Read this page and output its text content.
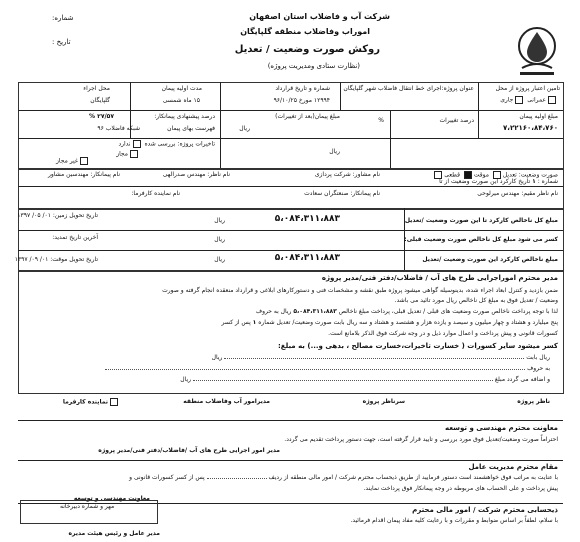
شرکت آب و فاضلاب استان اصفهان
اموراب وفاضلاب منطقه گلپایگان
روکش صورت وضعیت / تعدیل
(نظارت ستادی ومدیریت پروژه)
شماره:
تاریخ :
تامین اعتبار پروژه از محل
عمرانی جاری
عنوان پروژه:اجرای خط انتقال فاضلاب شهر گلپایگان
شماره و تاریخ قرارداد
۱۲۹۹۴ مورخ ۹۶/۱۰/۲۵
مدت اولیه پیمان
۱۵ ماه شمسی
محل اجراء
گلپایگان
مبلغ اولیه پیمان
۷،۲۲۱۶۰،۸۴،۷۶۰
درصد تغییرات
%
مبلغ پیمان(بعد از تغییرات)
ریال
درصد پیشنهادی پیمانکار:
۲۷/۵۷ %
فهرست بهای پیمان
شبکه فاضلاب ۹۶
تاخیرات پروژه: بررسی شده ندارد
مجاز
غیر مجاز
ریال
صورت وضعیت: تعدیل موقت قطعی
شماره : ۱ تاریخ کارکرد این صورت وضعیت از تا
نام مشاور: شرکت پردازی
نام ناظر: مهندس صدرالهی
نام پیمانکار: مهندسین مشاور
نام ناظر مقیم: مهندس میرلوحی
نام پیمانکار: صنعتگران سعادت
نام نماینده کارفرما:
مبلغ کل ناخالص کارکرد تا این صورت وضعیت /تعدیل
۵،۰۸۴،۳۱۱،۸۸۳
ریال
کسر می شود مبلغ کل ناخالص صورت وضعیت قبلی:
ریال
مبلغ ناخالص کارکرد این صورت وضعیت /تعدیل
۵،۰۸۴،۳۱۱،۸۸۳
ریال
تاریخ تحویل زمین: ۰۱/ ۰۵/ ۱۳۹۷
آخرین تاریخ تمدید:
تاریخ تحویل موقت: ۰۱/ ۰۹/ ۱۳۹۷
مدیر محترم اموراجرایی طرح های آب / فاضلاب/دفتر فنی/مدیر پروژه
ضمن بازدید و کنترل ابعاد اجراء شده، بدینوسیله گواهی میشود پروژه طبق نقشه و مشخصات فنی و دستورکارهای ابلاغی و قرارداد منعقده انجام گرفته و صورت
وضعیت / تعدیل فوق به مبلغ کل ناخالص ریال مورد تائید می باشد.
لذا با توجه پرداخت ناخالص صورت وضعیت های قبلی / تعدیل قبلی، پرداخت مبلغ ناخالص ۵،۰۸۴،۳۱۱،۸۸۳ ریال به حروف
پنج میلیارد و هشتاد و چهار میلیون و سیصد و یازده هزار و هشتصد و هشتاد و سه ریال بابت صورت وضعیت/ تعدیل شماره ۱ پس از کسر
کسورات قانونی و پیش پرداخت و اعمال موارد ذیل و در وجه شرکت فوق الذکر بلامانع است.
کسر میشود سایر کسورات ( خسارت تاخیرات،خسارت مصالح ، بدهی و...) به مبلغ:
ریال بابت  ریال
به حروف
و اضافه می گردد مبلغ  ریال
ناظر پروژه
سرناظر پروژه
مدیرامور آب وفاضلاب منطقه
نماینده کارفرما
معاونت محترم مهندسی و توسعه
احتراماً صورت وضعیت/تعدیل فوق مورد بررسی و تایید قرار گرفته است، جهت دستور پرداخت تقدیم می گردد.
مدیر امور اجرایی طرح های آب /فاضلاب/دفتر فنی/مدیر پروژه
مقام محترم مدیریت عامل
با عنایت به مراتب فوق خواهشمند است دستور فرمایید از طریق ذیحساب محترم شرکت / امور مالی منطقه از ردیف  پس از کسر کسورات قانونی و
پیش پرداخت و علی الحساب های مربوطه در وجه پیمانکار فوق پرداخت نمایند.
معاونت مهندسی و توسعه
ذیحسابی محترم شرکت / امور مالی محترم
با سلام، لطفاً بر اساس ضوابط و مقررات و با رعایت کلیه مفاد پیمان اقدام فرمائید.
مهر و شماره دبیرخانه
مدیر عامل و رئیس هیئت مدیره
